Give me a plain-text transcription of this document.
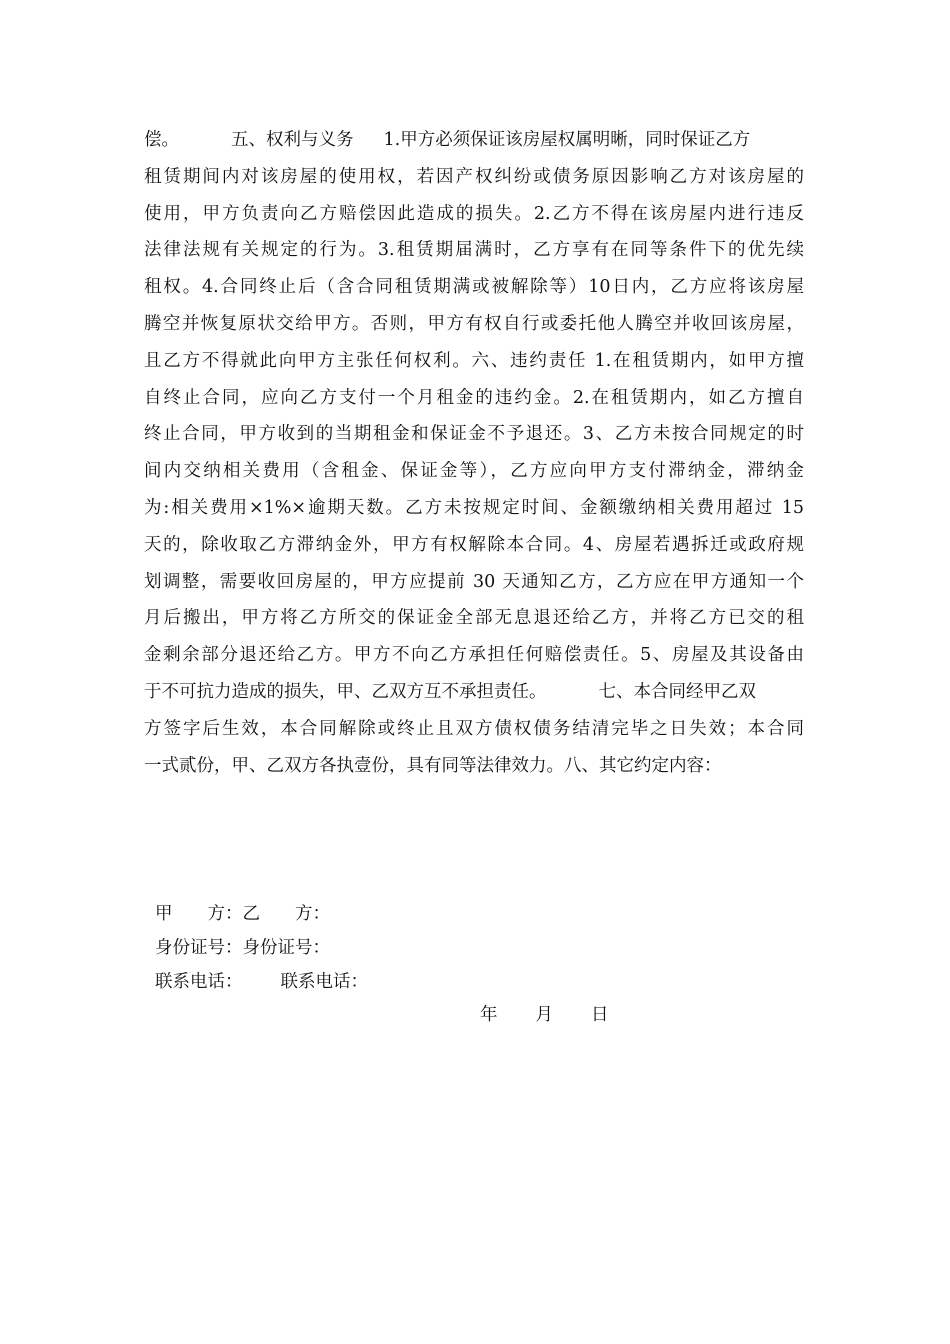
偿。	五、权利与义务 1.甲方必须保证该房屋权属明晰，同时保证乙方
租赁期间内对该房屋的使用权，若因产权纠纷或债务原因影响乙方对该房屋的
使用，甲方负责向乙方赔偿因此造成的损失。2.乙方不得在该房屋内进行违反
法律法规有关规定的行为。3.租赁期届满时，乙方享有在同等条件下的优先续
租权。4.合同终止后（含合同租赁期满或被解除等）10日内，乙方应将该房屋
腾空并恢复原状交给甲方。否则，甲方有权自行或委托他人腾空并收回该房屋，
且乙方不得就此向甲方主张任何权利。六、违约责任 1.在租赁期内，如甲方擅
自终止合同，应向乙方支付一个月租金的违约金。2.在租赁期内，如乙方擅自
终止合同，甲方收到的当期租金和保证金不予退还。3、乙方未按合同规定的时
间内交纳相关费用（含租金、保证金等），乙方应向甲方支付滞纳金，滞纳金
为:相关费用×1%×逾期天数。乙方未按规定时间、金额缴纳相关费用超过 15
天的，除收取乙方滞纳金外，甲方有权解除本合同。4、房屋若遇拆迁或政府规
划调整，需要收回房屋的，甲方应提前 30 天通知乙方，乙方应在甲方通知一个
月后搬出，甲方将乙方所交的保证金全部无息退还给乙方，并将乙方已交的租
金剩余部分退还给乙方。甲方不向乙方承担任何赔偿责任。5、房屋及其设备由
于不可抗力造成的损失，甲、乙双方互不承担责任。	七、本合同经甲乙双
方签字后生效，本合同解除或终止且双方债权债务结清完毕之日失效；本合同
一式贰份，甲、乙双方各执壹份，具有同等法律效力。八、其它约定内容：
甲　　方：乙　　方：
身份证号：身份证号：
联系电话： 联系电话：
年 月 日
